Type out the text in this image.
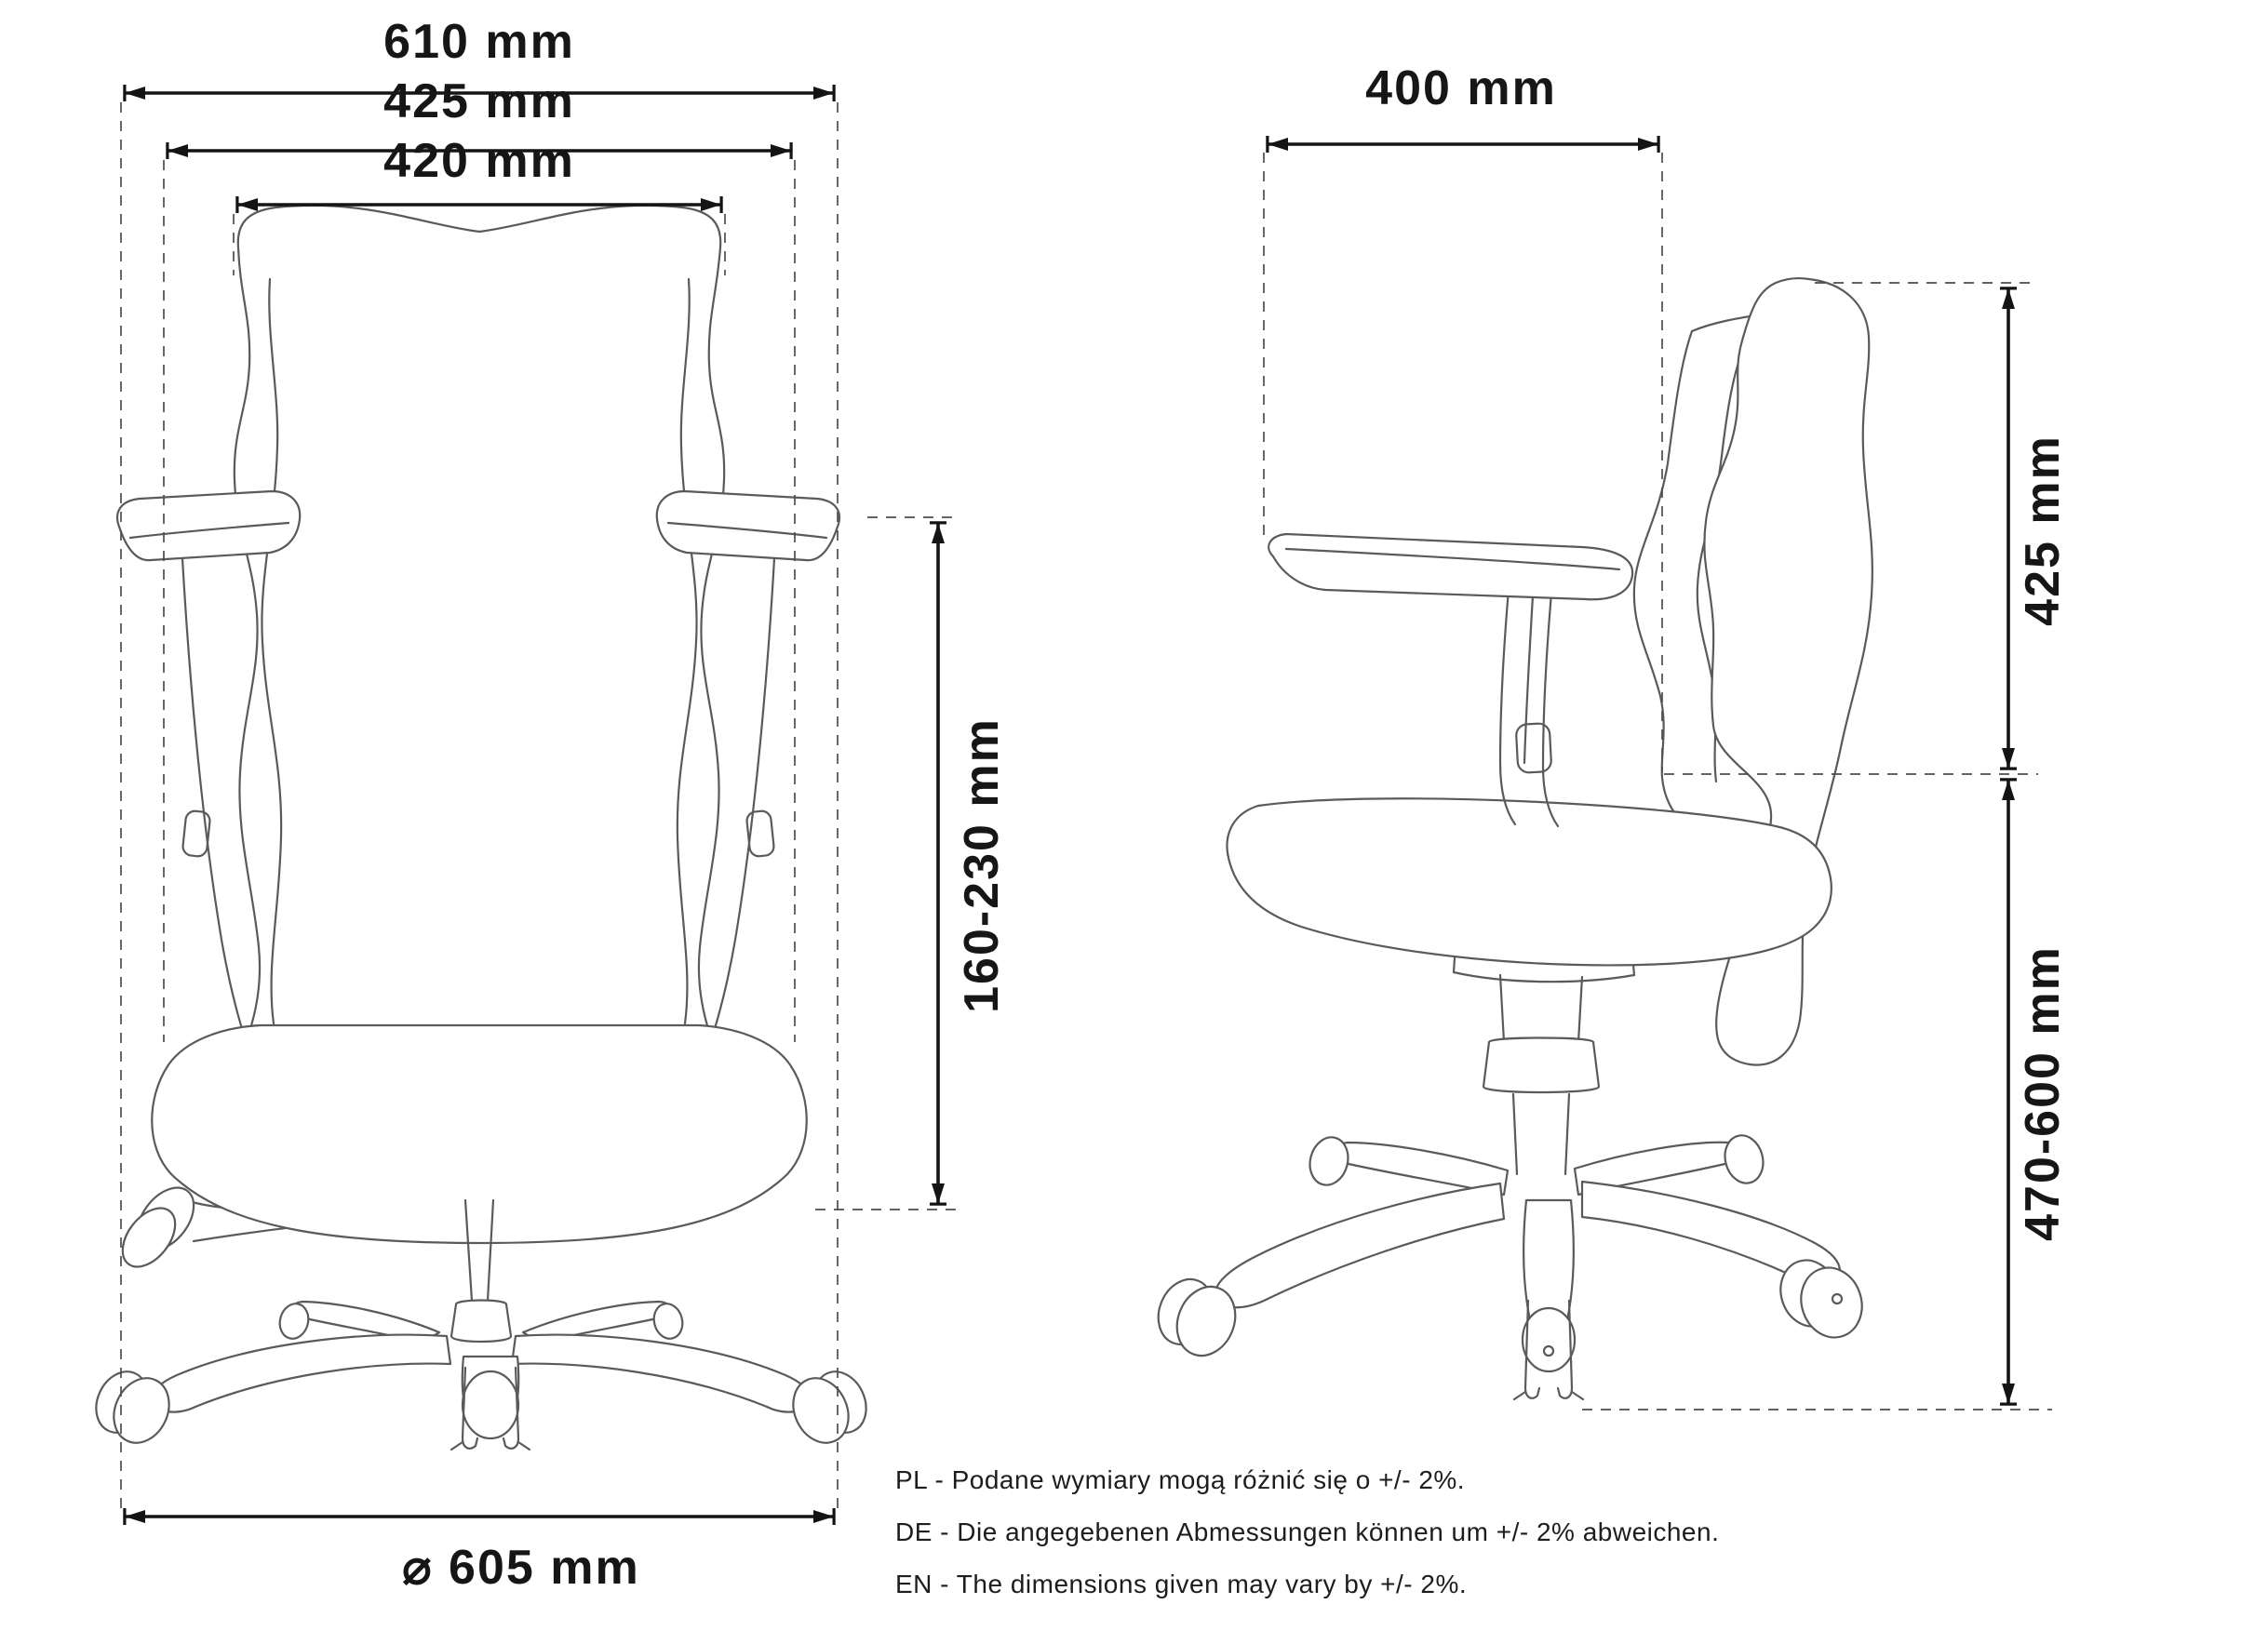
610 mm
425 mm
420 mm
160-230 mm
⌀ 605 mm
400 mm
425 mm
470-600 mm
PL - Podane wymiary mogą różnić się o +/- 2%.
DE - Die angegebenen Abmessungen können um +/- 2% abweichen.
EN - The dimensions given may vary by +/- 2%.
